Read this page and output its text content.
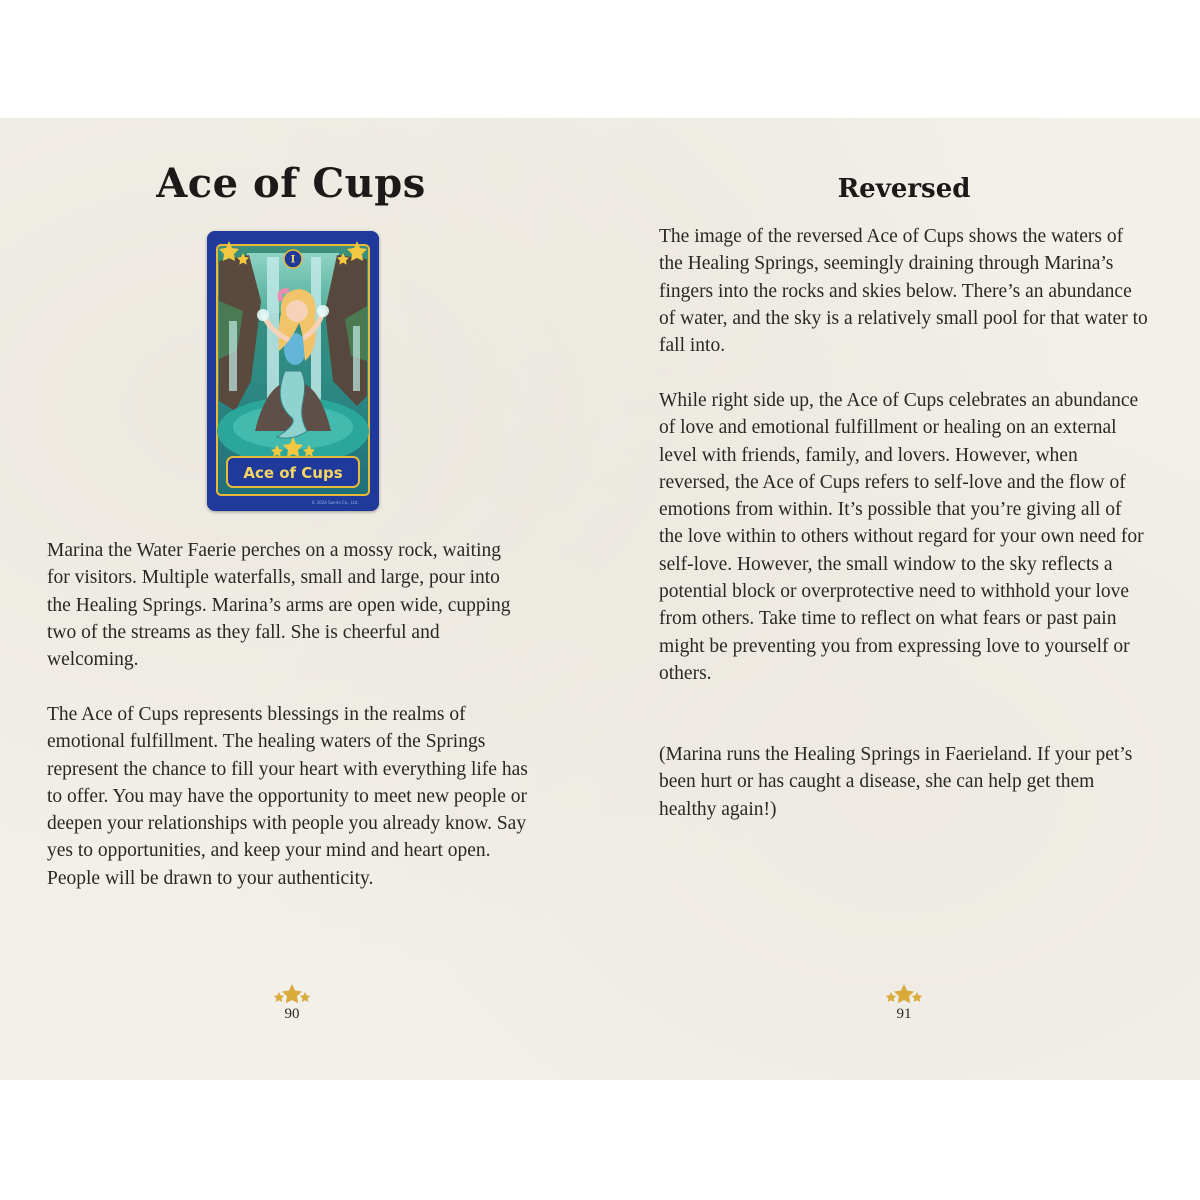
Ace of Cups
I
Ace of Cups
© 2024 Sanrio Co., Ltd.

Marina the Water Faerie perches on a mossy rock, waiting for visitors. Multiple waterfalls, small and large, pour into the Healing Springs. Marina’s arms are open wide, cupping two of the streams as they fall. She is cheerful and welcoming.

The Ace of Cups represents blessings in the realms of emotional fulfillment. The healing waters of the Springs represent the chance to fill your heart with everything life has to offer. You may have the opportunity to meet new people or deepen your relationships with people you already know. Say yes to opportunities, and keep your mind and heart open. People will be drawn to your authenticity.

90
Reversed

The image of the reversed Ace of Cups shows the waters of the Healing Springs, seemingly draining through Marina’s fingers into the rocks and skies below. There’s an abundance of water, and the sky is a relatively small pool for that water to fall into.

While right side up, the Ace of Cups celebrates an abundance of love and emotional fulfillment or healing on an external level with friends, family, and lovers. However, when reversed, the Ace of Cups refers to self-love and the flow of emotions from within. It’s possible that you’re giving all of the love within to others without regard for your own need for self-love. However, the small window to the sky reflects a potential block or overprotective need to withhold your love from others. Take time to reflect on what fears or past pain might be preventing you from expressing love to yourself or others.

(Marina runs the Healing Springs in Faerieland. If your pet’s been hurt or has caught a disease, she can help get them healthy again!)

91
